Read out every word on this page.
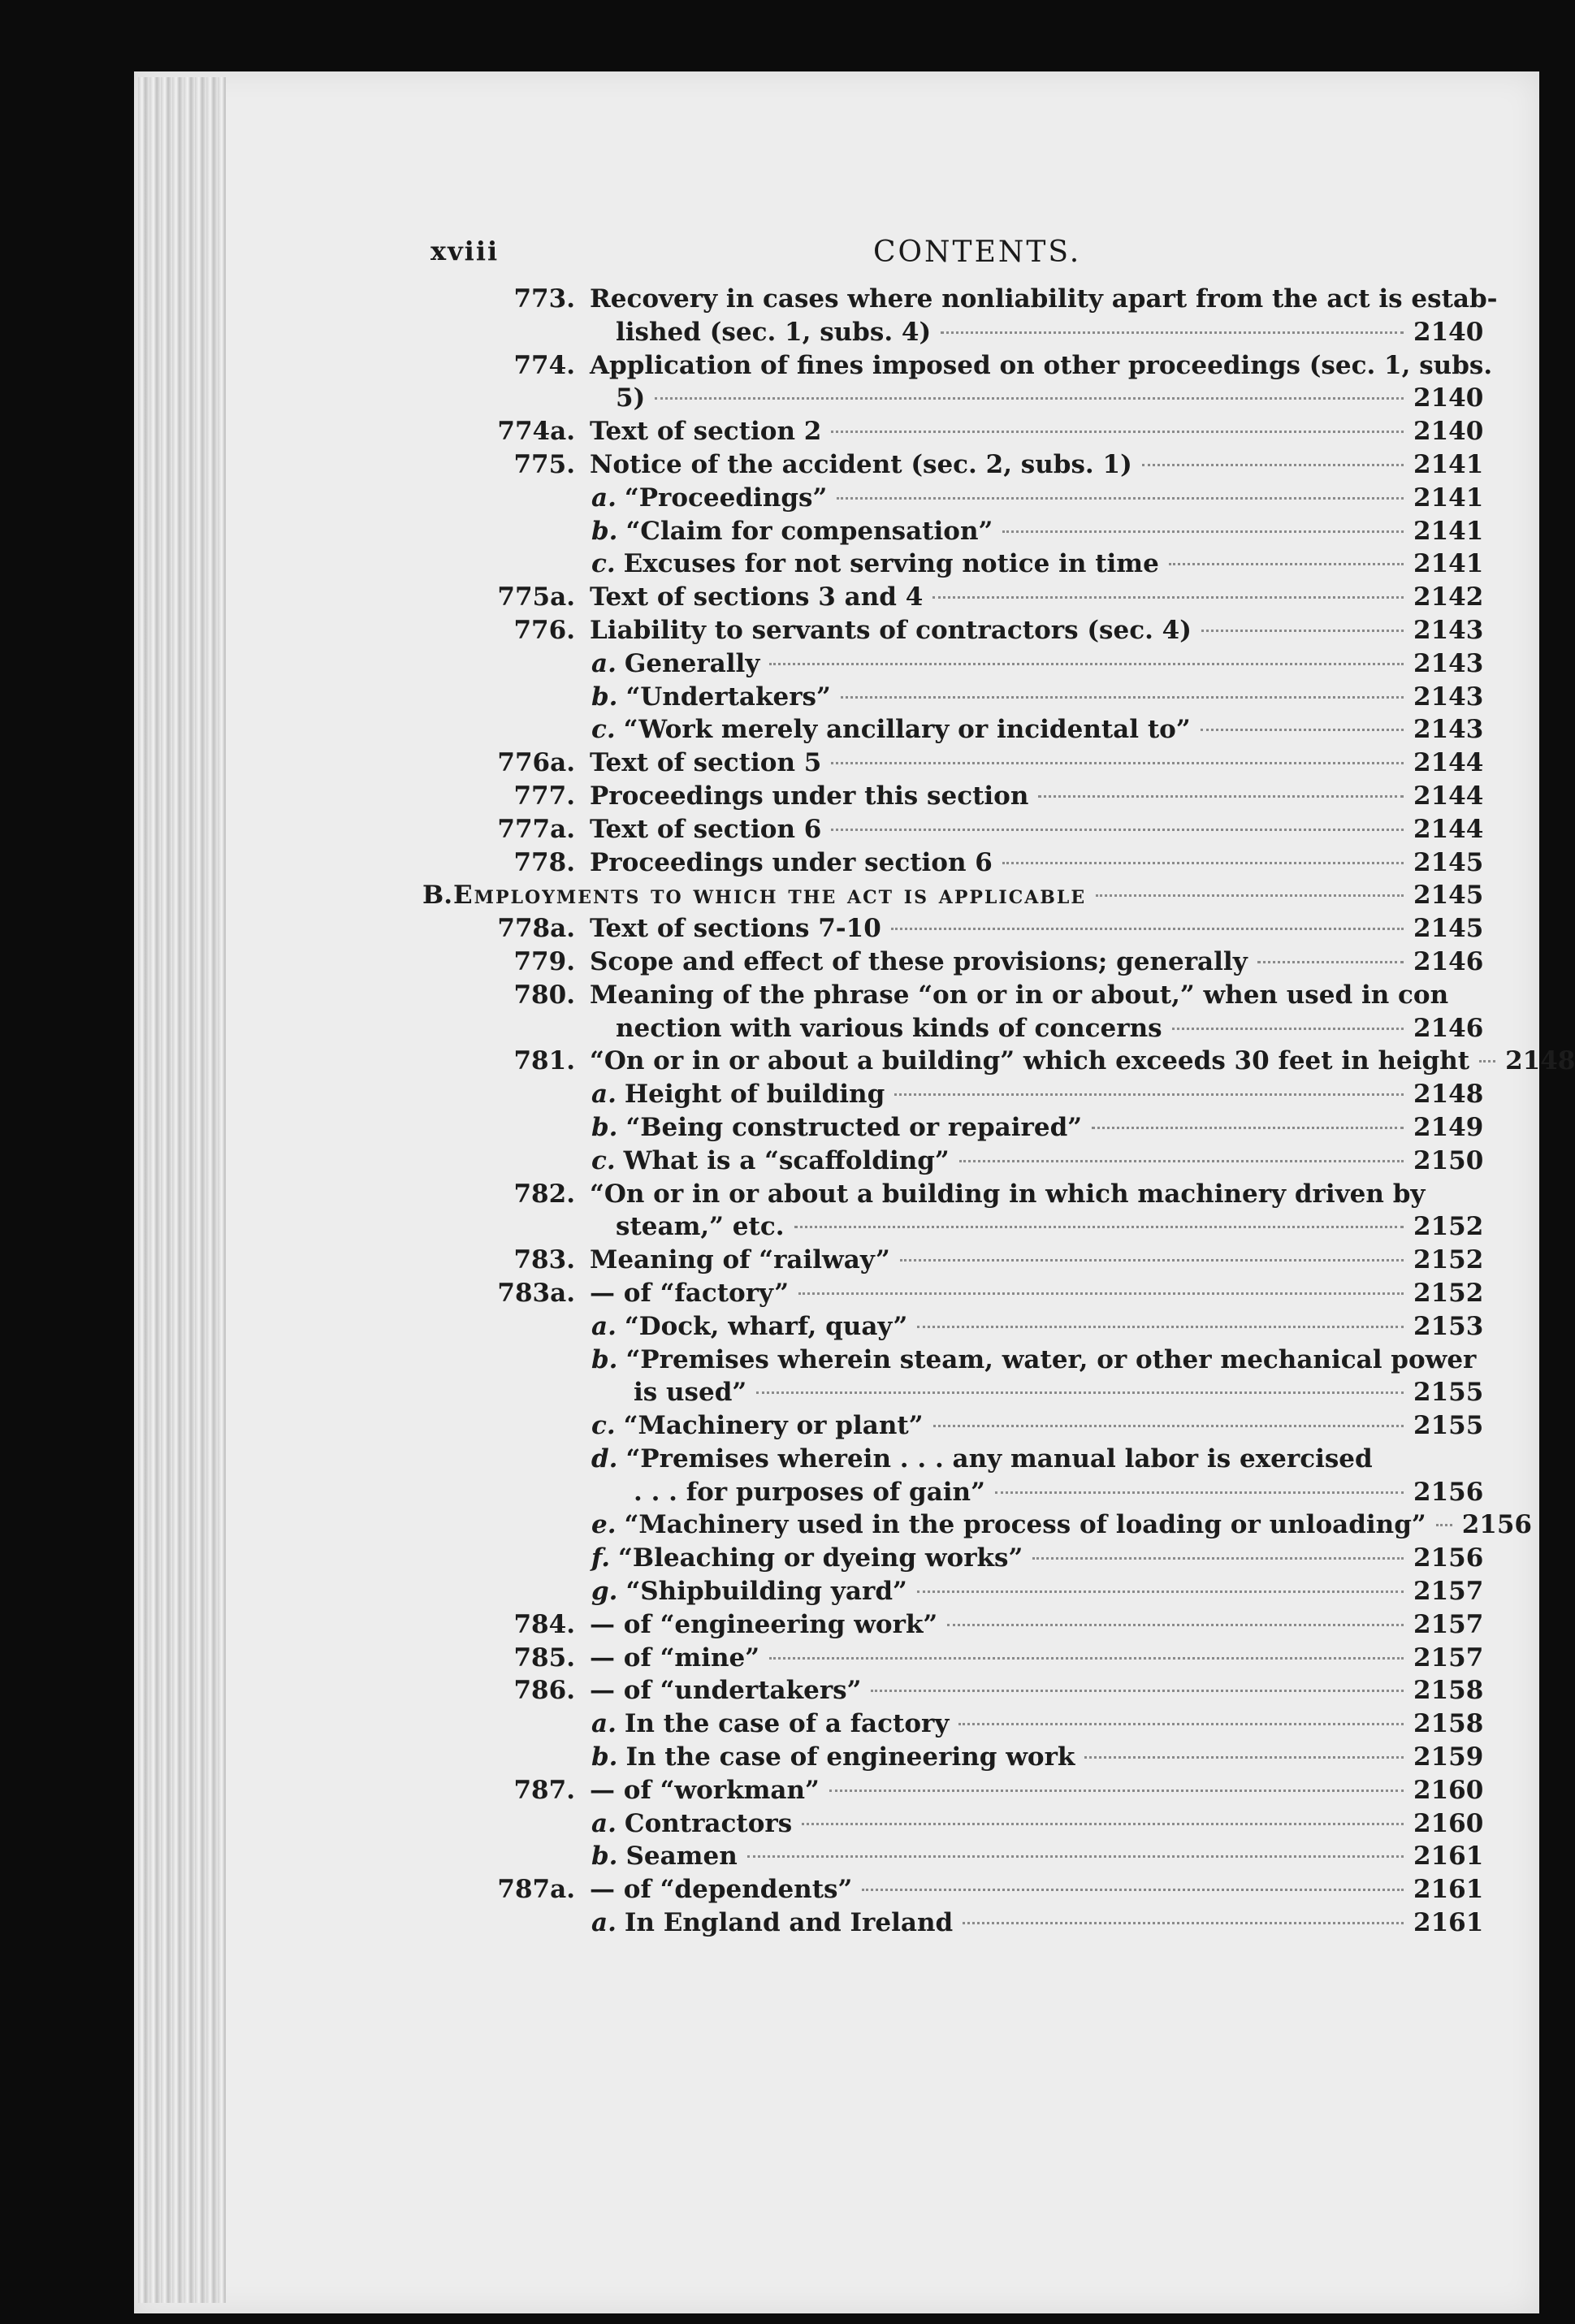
xviii	CONTENTS.
773. Recovery in cases where nonliability apart from the act is estab-
lished (sec. 1, subs. 4)	2140
774. Application of fines imposed on other proceedings (sec. 1, subs.
5)	2140
774a. Text of section 2	2140
775. Notice of the accident (sec. 2, subs. 1)	2141
a. “Proceedings”	2141
b. “Claim for compensation”	2141
c. Excuses for not serving notice in time	2141
775a. Text of sections 3 and 4	2142
776. Liability to servants of contractors (sec. 4)	2143
a. Generally	2143
b. “Undertakers”	2143
c. “Work merely ancillary or incidental to”	2143
776a. Text of section 5	2144
777. Proceedings under this section	2144
777a. Text of section 6	2144
778. Proceedings under section 6	2145
B. Employments to which the act is applicable	2145
778a. Text of sections 7-10	2145
779. Scope and effect of these provisions; generally	2146
780. Meaning of the phrase “on or in or about,” when used in con
nection with various kinds of concerns	2146
781. “On or in or about a building” which exceeds 30 feet in height 2148
a. Height of building	2148
b. “Being constructed or repaired”	2149
c. What is a “scaffolding”	2150
782. “On or in or about a building in which machinery driven by
steam,” etc.	2152
783. Meaning of “railway”	2152
783a. — of “factory”	2152
a. “Dock, wharf, quay”	2153
b. “Premises wherein steam, water, or other mechanical power
is used”	2155
c. “Machinery or plant”	2155
d. “Premises wherein . . . any manual labor is exercised
. . . for purposes of gain”	2156
e. “Machinery used in the process of loading or unloading” 2156
f. “Bleaching or dyeing works”	2156
g. “Shipbuilding yard”	2157
784. — of “engineering work”	2157
785. — of “mine”	2157
786. — of “undertakers”	2158
a. In the case of a factory	2158
b. In the case of engineering work	2159
787. — of “workman”	2160
a. Contractors	2160
b. Seamen	2161
787a. — of “dependents”	2161
a. In England and Ireland	2161
